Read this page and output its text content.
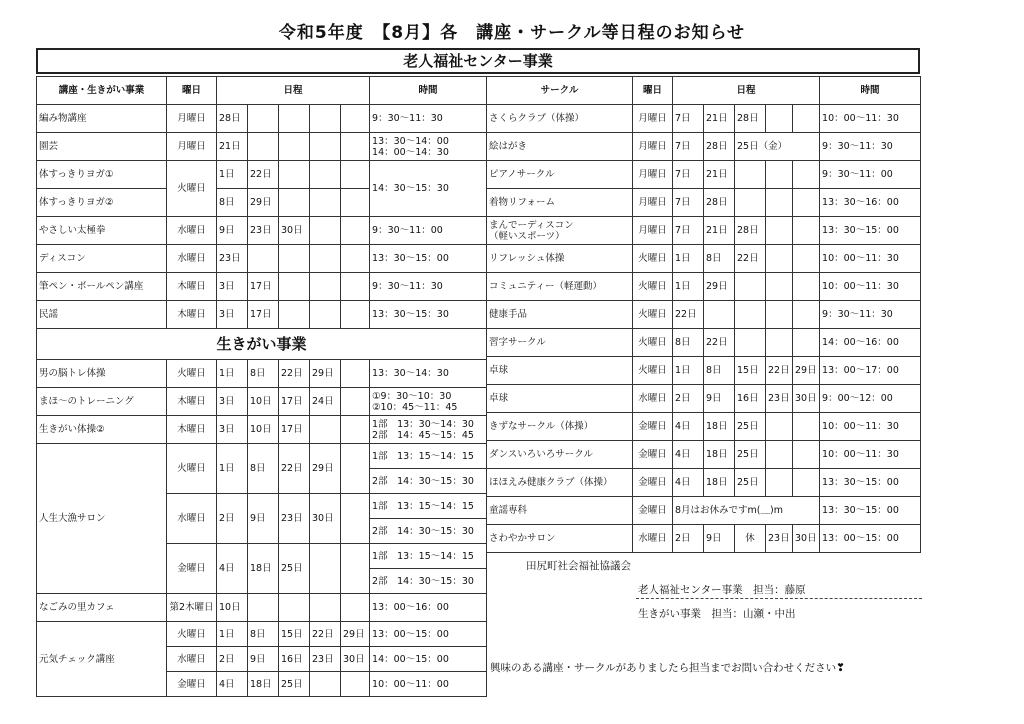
令和5年度　【8月】各　講座・サークル等日程のお知らせ
老人福祉センター事業
講座・生きがい事業	曜日	日程					時間
編み物講座	月曜日	28日					9：30〜11：30
園芸	月曜日	21日					13：30〜14：00
14：00〜14：30

体すっきりヨガ①	火曜日	1日	22日				14：30〜15：30
体すっきりヨガ②		8日	29日				
やさしい太極拳	水曜日	9日	23日	30日			9：30〜11：00
ディスコン	水曜日	23日					13：30〜15：00
筆ペン・ボールペン講座	木曜日	3日	17日				9：30〜11：30
民謡	木曜日	3日	17日				13：30〜15：30
生きがい事業							
男の脳トレ体操	火曜日	1日	8日	22日	29日		13：30〜14：30
まほ〜のトレーニング	木曜日	3日	10日	17日	24日		①9：30〜10：30
②10：45〜11：45

生きがい体操②	木曜日	3日	10日	17日			1部　13：30〜14：30
2部　14：45〜15：45

人生大漁サロン	火曜日	1日	8日	22日	29日		1部　13：15〜14：15
							2部　14：30〜15：30
	水曜日	2日	9日	23日	30日		1部　13：15〜14：15
							2部　14：30〜15：30
	金曜日	4日	18日	25日			1部　13：15〜14：15
							2部　14：30〜15：30
なごみの里カフェ	第2木曜日	10日					13：00〜16：00
元気チェック講座	火曜日	1日	8日	15日	22日	29日	13：00〜15：00
	水曜日	2日	9日	16日	23日	30日	14：00〜15：00
	金曜日	4日	18日	25日			10：00〜11：00
サークル	曜日	日程					時間
さくらクラブ（体操）	月曜日	7日	21日	28日			10：00〜11：30
絵はがき	月曜日	7日	28日	25日（金）			9：30〜11：30
ピアノサークル	月曜日	7日	21日				9：30〜11：00
着物リフォーム	月曜日	7日	28日				13：30〜16：00

まんでーディスコン
（軽いスポーツ）	月曜日	7日	21日	28日			13：30〜15：00
リフレッシュ体操	火曜日	1日	8日	22日			10：00〜11：30
コミュニティー（軽運動）	火曜日	1日	29日				10：00〜11：30
健康手品	火曜日	22日					9：30〜11：30
習字サークル	火曜日	8日	22日				14：00〜16：00
卓球	火曜日	1日	8日	15日	22日	29日	13：00〜17：00
卓球	水曜日	2日	9日	16日	23日	30日	9：00〜12：00
きずなサークル（体操）	金曜日	4日	18日	25日			10：00〜11：30
ダンスいろいろサークル	金曜日	4日	18日	25日			10：00〜11：30
ほほえみ健康クラブ（体操）	金曜日	4日	18日	25日			13：30〜15：00
童謡専科	金曜日	8月はお休みですm(＿)m					13：30〜15：00
さわやかサロン	水曜日	2日	9日	休	23日	30日	13：00〜15：00
田尻町社会福祉協議会
老人福祉センター事業　担当：藤原
生きがい事業　担当：山瀬・中出
興味のある講座・サークルがありましたら担当までお問い合わせください❣
